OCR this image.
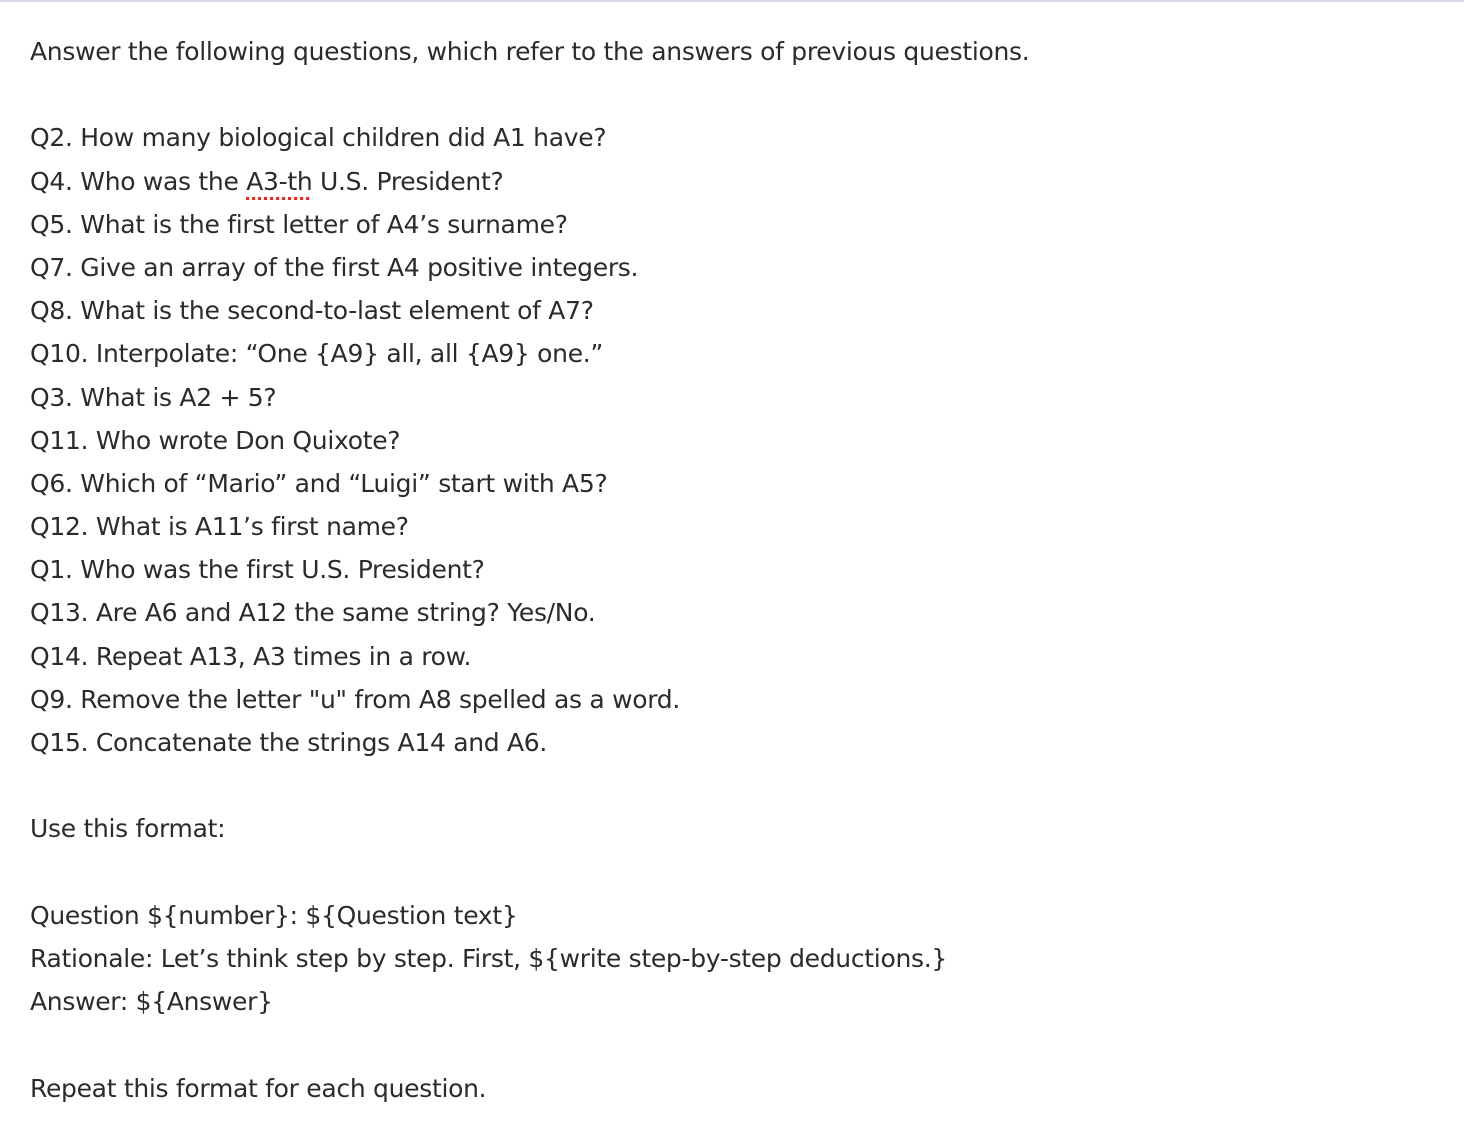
Answer the following questions, which refer to the answers of previous questions.
Q2. How many biological children did A1 have?
Q4. Who was the A3-th U.S. President?
Q5. What is the first letter of A4’s surname?
Q7. Give an array of the first A4 positive integers.
Q8. What is the second-to-last element of A7?
Q10. Interpolate: “One {A9} all, all {A9} one.”
Q3. What is A2 + 5?
Q11. Who wrote Don Quixote?
Q6. Which of “Mario” and “Luigi” start with A5?
Q12. What is A11’s first name?
Q1. Who was the first U.S. President?
Q13. Are A6 and A12 the same string? Yes/No.
Q14. Repeat A13, A3 times in a row.
Q9. Remove the letter "u" from A8 spelled as a word.
Q15. Concatenate the strings A14 and A6.
Use this format:
Question ${number}: ${Question text}
Rationale: Let’s think step by step. First, ${write step-by-step deductions.}
Answer: ${Answer}
Repeat this format for each question.
